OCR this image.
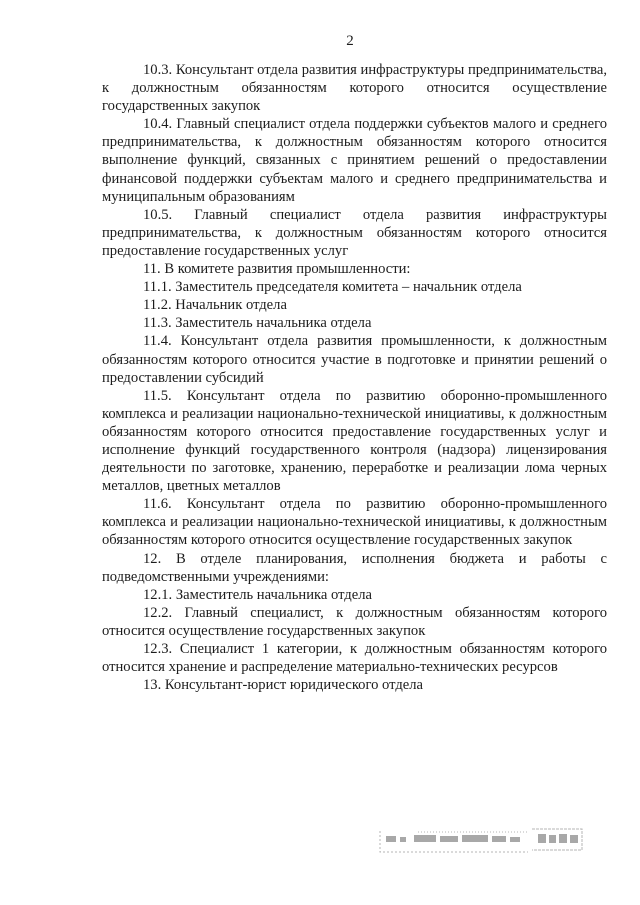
2

10.3. Консультант отдела развития инфраструктуры предпринимательства, к должностным обязанностям которого относится осуществление государственных закупок

10.4. Главный специалист отдела поддержки субъектов малого и среднего предпринимательства, к должностным обязанностям которого относится выполнение функций, связанных с принятием решений о предоставлении финансовой поддержки субъектам малого и среднего предпринимательства и муниципальным образованиям

10.5. Главный специалист отдела развития инфраструктуры предпринимательства, к должностным обязанностям которого относится предоставление государственных услуг

11. В комитете развития промышленности:

11.1. Заместитель председателя комитета – начальник отдела

11.2. Начальник отдела

11.3. Заместитель начальника отдела

11.4. Консультант отдела развития промышленности, к должностным обязанностям которого относится участие в подготовке и принятии решений о предоставлении субсидий

11.5. Консультант отдела по развитию оборонно-промышленного комплекса и реализации национально-технической инициативы, к должностным обязанностям которого относится предоставление государственных услуг и исполнение функций государственного контроля (надзора) лицензирования деятельности по заготовке, хранению, переработке и реализации лома черных металлов, цветных металлов

11.6. Консультант отдела по развитию оборонно-промышленного комплекса и реализации национально-технической инициативы, к должностным обязанностям которого относится осуществление государственных закупок

12. В отделе планирования, исполнения бюджета и работы с подведомственными учреждениями:

12.1. Заместитель начальника отдела

12.2. Главный специалист, к должностным обязанностям которого относится осуществление государственных закупок

12.3. Специалист 1 категории, к должностным обязанностям которого относится хранение и распределение материально-технических ресурсов

13. Консультант-юрист юридического отдела
